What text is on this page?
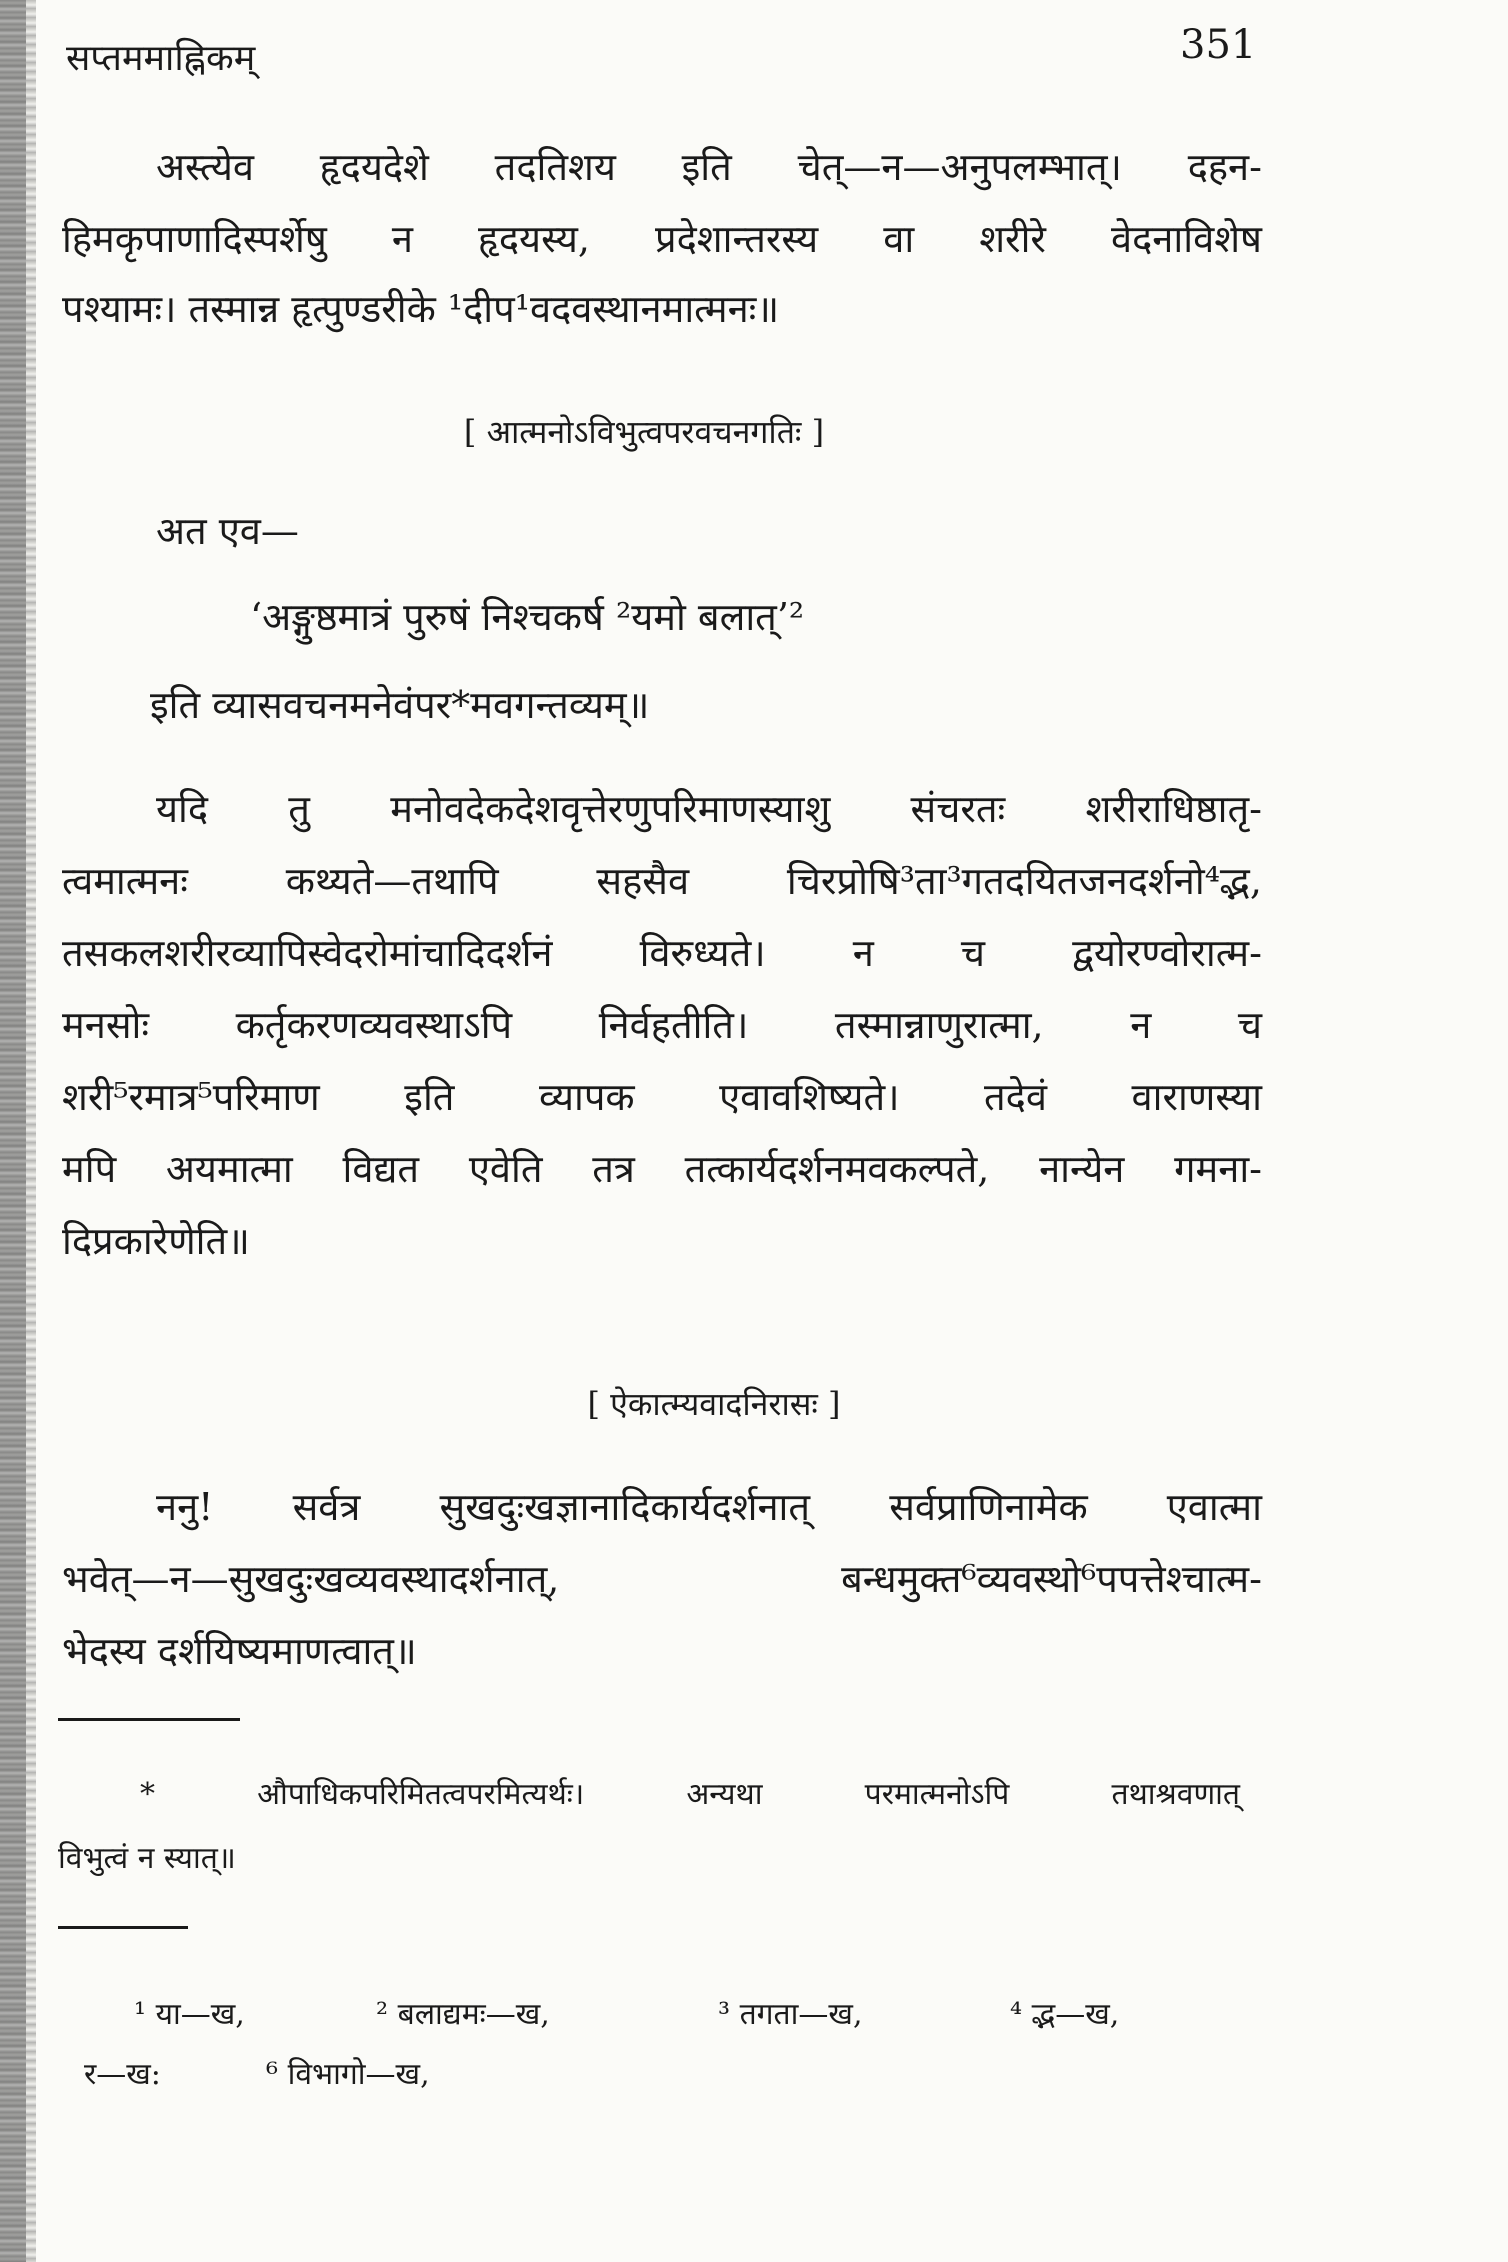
सप्तममाह्निकम्	351
अस्त्येव हृदयदेशे तदतिशय इति चेत्—न—अनुपलम्भात्। दहन-
हिमकृपाणादिस्पर्शेषु न हृदयस्य, प्रदेशान्तरस्य वा शरीरे वेदनाविशेष
पश्यामः। तस्मान्न हृत्पुण्डरीके ¹दीप¹वदवस्थानमात्मनः॥
[ आत्मनोऽविभुत्वपरवचनगतिः ]
अत एव—
‘अङ्गुष्ठमात्रं पुरुषं निश्चकर्ष ²यमो बलात्’²
इति व्यासवचनमनेवंपर*मवगन्तव्यम्॥
यदि तु मनोवदेकदेशवृत्तेरणुपरिमाणस्याशु संचरतः शरीराधिष्ठातृ-
त्वमात्मनः कथ्यते—तथापि सहसैव चिरप्रोषि³ता³गतदयितजनदर्शनो⁴द्भ,
तसकलशरीरव्यापिस्वेदरोमांचादिदर्शनं विरुध्यते। न च द्वयोरण्वोरात्म-
मनसोः कर्तृकरणव्यवस्थाऽपि निर्वहतीति। तस्मान्नाणुरात्मा, न च
शरी⁵रमात्र⁵परिमाण इति व्यापक एवावशिष्यते। तदेवं वाराणस्या
मपि अयमात्मा विद्यत एवेति तत्र तत्कार्यदर्शनमवकल्पते, नान्येन गमना-
दिप्रकारेणेति॥
[ ऐकात्म्यवादनिरासः ]
ननु! सर्वत्र सुखदुःखज्ञानादिकार्यदर्शनात् सर्वप्राणिनामेक एवात्मा
भवेत्—न—सुखदुःखव्यवस्थादर्शनात्, बन्धमुक्त⁶व्यवस्थो⁶पपत्तेश्चात्म-
भेदस्य दर्शयिष्यमाणत्वात्॥
* औपाधिकपरिमितत्वपरमित्यर्थः। अन्यथा परमात्मनोऽपि तथाश्रवणात्
विभुत्वं न स्यात्॥
¹ या—ख,	² बलाद्यमः—ख,	³ तगता—ख,	⁴ द्भ—ख,
र—ख:	⁶ विभागो—ख,
